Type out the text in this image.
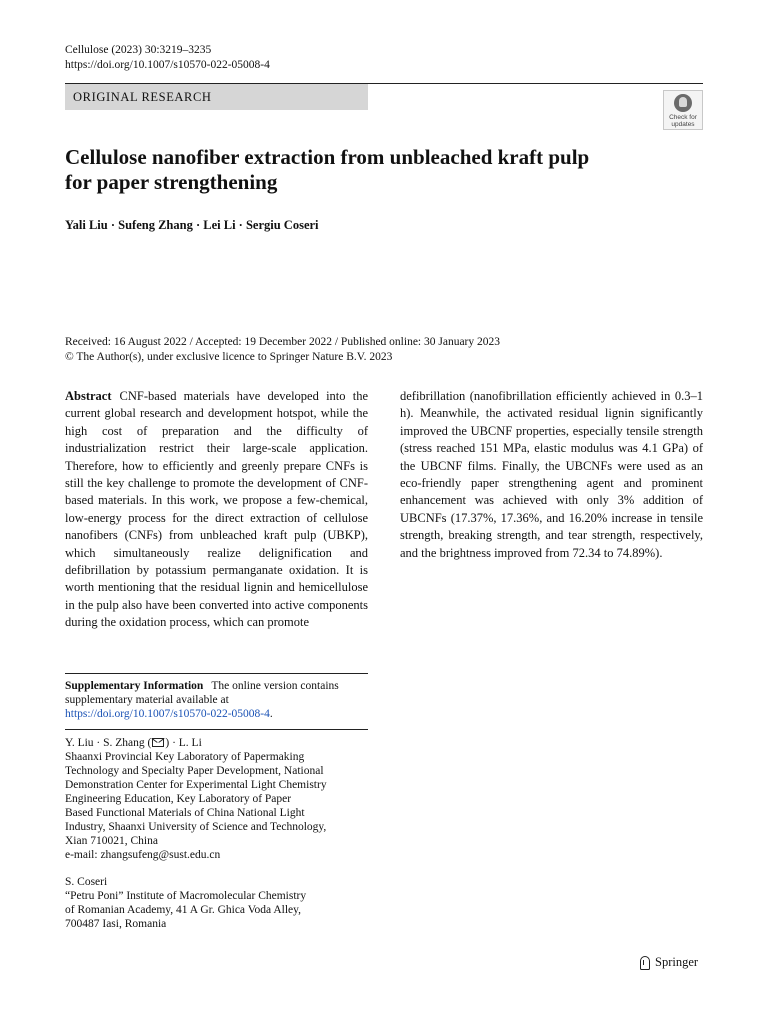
Cellulose (2023) 30:3219–3235
https://doi.org/10.1007/s10570-022-05008-4
ORIGINAL RESEARCH
Check for
updates
Cellulose nanofiber extraction from unbleached kraft pulp
for paper strengthening
Yali Liu · Sufeng Zhang · Lei Li · Sergiu Coseri
Received: 16 August 2022 / Accepted: 19 December 2022 / Published online: 30 January 2023
© The Author(s), under exclusive licence to Springer Nature B.V. 2023
Abstract CNF-based materials have developed into the current global research and development hotspot, while the high cost of preparation and the difficulty of industrialization restrict their large-scale application. Therefore, how to efficiently and greenly prepare CNFs is still the key challenge to promote the development of CNF-based materials. In this work, we propose a few-chemical, low-energy process for the direct extraction of cellulose nanofibers (CNFs) from unbleached kraft pulp (UBKP), which simultaneously realize delignification and defibrillation by potassium permanganate oxidation. It is worth mentioning that the residual lignin and hemicellulose in the pulp also have been converted into active components during the oxidation process, which can promote
defibrillation (nanofibrillation efficiently achieved in 0.3–1 h). Meanwhile, the activated residual lignin significantly improved the UBCNF properties, especially tensile strength (stress reached 151 MPa, elastic modulus was 4.1 GPa) of the UBCNF films. Finally, the UBCNFs were used as an eco-friendly paper strengthening agent and prominent enhancement was achieved with only 3% addition of UBCNFs (17.37%, 17.36%, and 16.20% increase in tensile strength, breaking strength, and tear strength, respectively, and the brightness improved from 72.34 to 74.89%).
Supplementary Information The online version contains supplementary material available at https://doi.org/10.1007/s10570-022-05008-4.
Y. Liu · S. Zhang ( ) · L. Li
Shaanxi Provincial Key Laboratory of Papermaking
Technology and Specialty Paper Development, National
Demonstration Center for Experimental Light Chemistry
Engineering Education, Key Laboratory of Paper
Based Functional Materials of China National Light
Industry, Shaanxi University of Science and Technology,
Xian 710021, China
e-mail: zhangsufeng@sust.edu.cn
S. Coseri
“Petru Poni” Institute of Macromolecular Chemistry
of Romanian Academy, 41 A Gr. Ghica Voda Alley,
700487 Iasi, Romania
Springer
